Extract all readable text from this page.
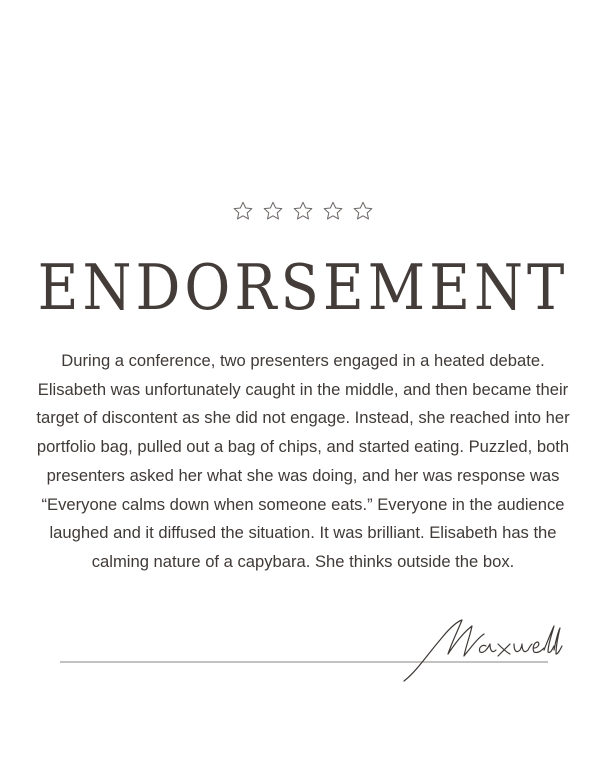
ENDORSEMENT

During a conference, two presenters engaged in a heated debate.
Elisabeth was unfortunately caught in the middle, and then became their
target of discontent as she did not engage. Instead, she reached into her
portfolio bag, pulled out a bag of chips, and started eating. Puzzled, both
presenters asked her what she was doing, and her was response was
“Everyone calms down when someone eats.” Everyone in the audience
laughed and it diffused the situation. It was brilliant. Elisabeth has the
calming nature of a capybara. She thinks outside the box.
